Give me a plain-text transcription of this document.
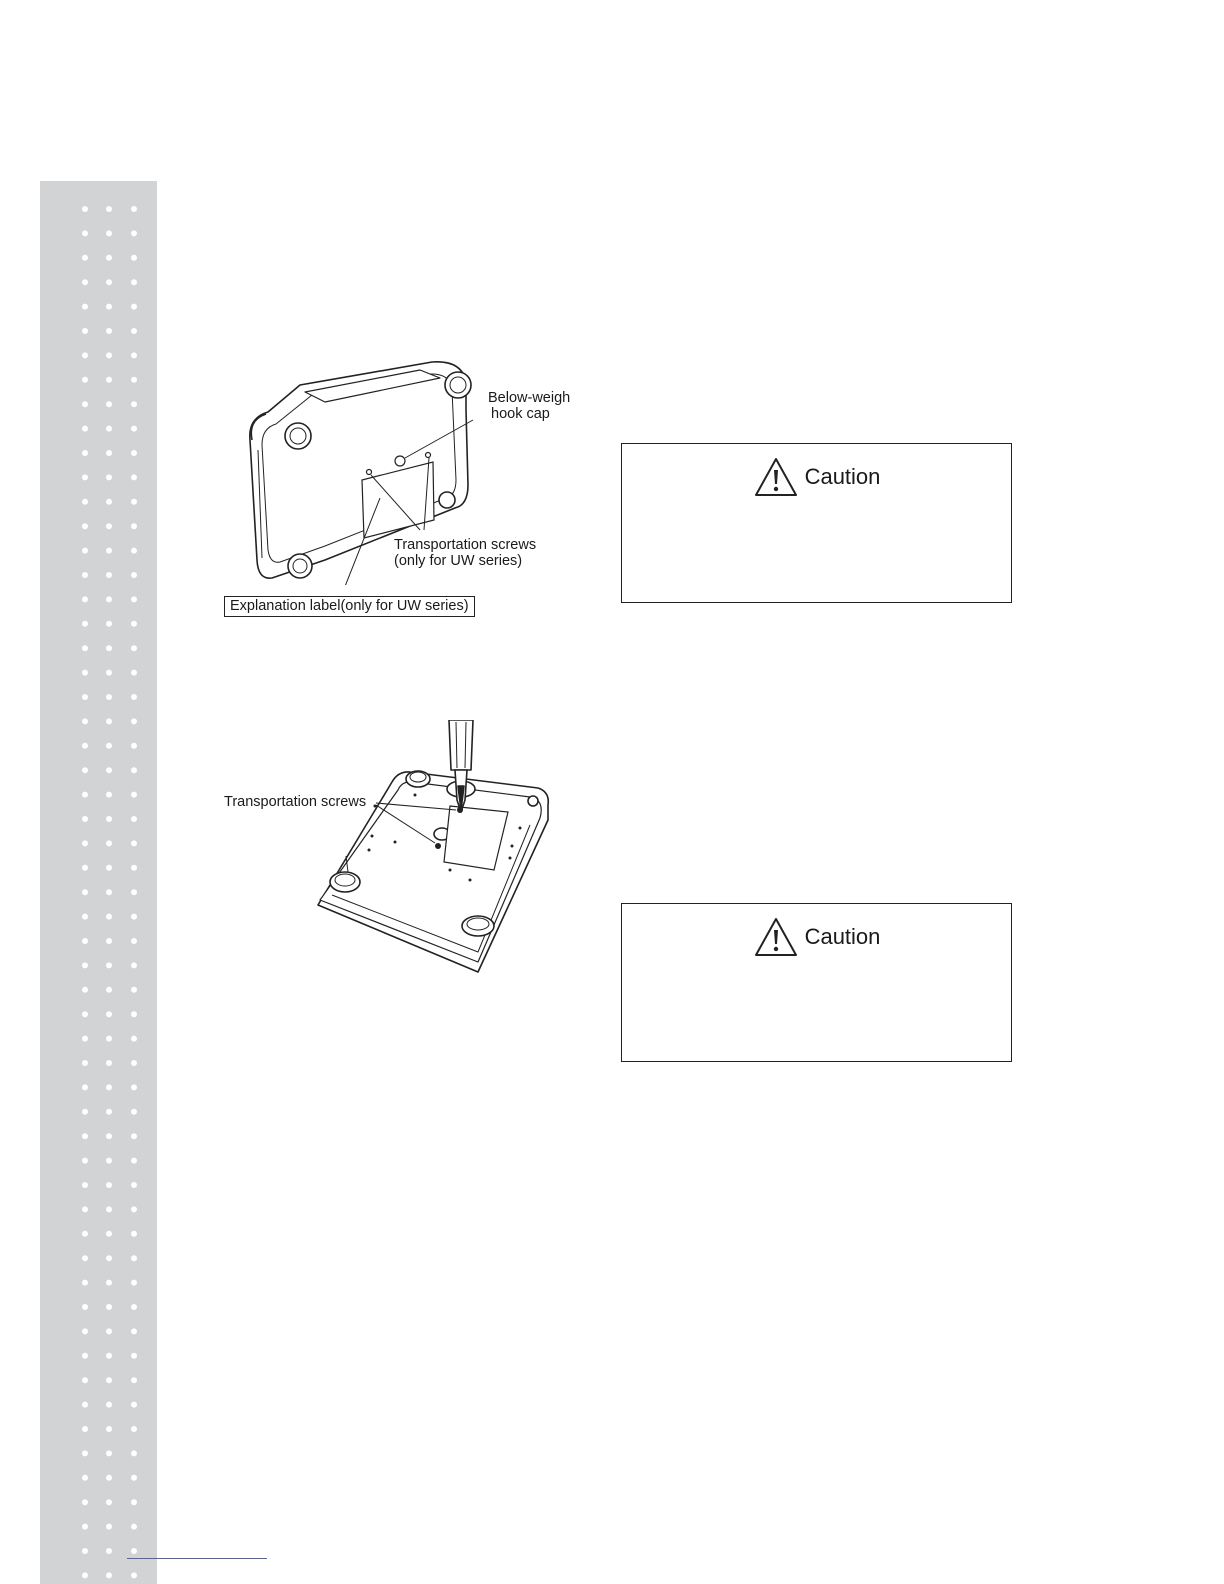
Below-weigh
hook cap
Transportation screws
(only for UW series)
Explanation label(only for UW series)
Caution
Transportation screws
Caution
